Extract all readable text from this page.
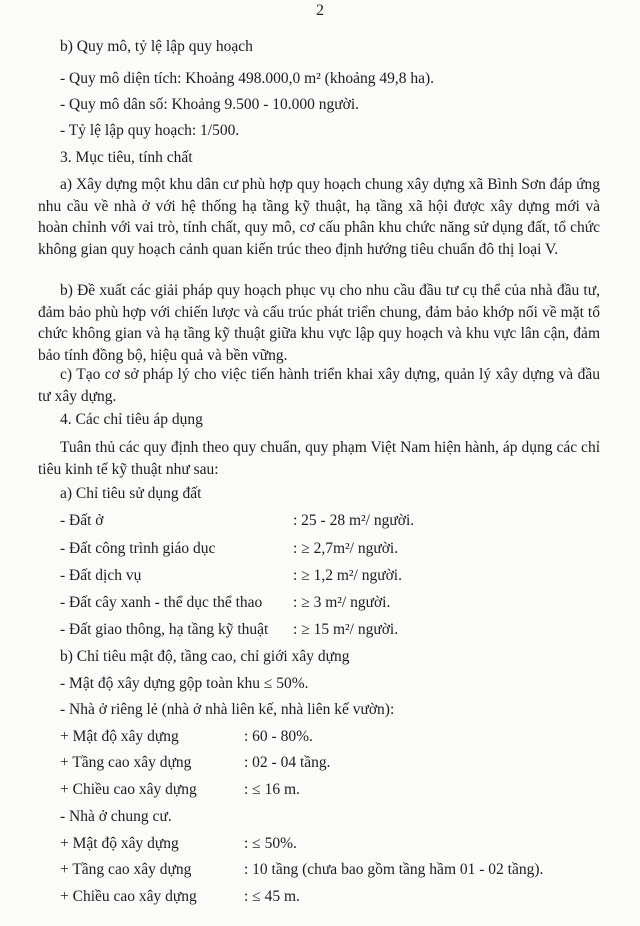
2
b) Quy mô, tỷ lệ lập quy hoạch
- Quy mô diện tích: Khoảng 498.000,0 m² (khoảng 49,8 ha).
- Quy mô dân số: Khoảng 9.500 - 10.000 người.
- Tỷ lệ lập quy hoạch: 1/500.
3. Mục tiêu, tính chất
a) Xây dựng một khu dân cư phù hợp quy hoạch chung xây dựng xã Bình Sơn đáp ứng nhu cầu về nhà ở với hệ thống hạ tầng kỹ thuật, hạ tầng xã hội được xây dựng mới và hoàn chỉnh với vai trò, tính chất, quy mô, cơ cấu phân khu chức năng sử dụng đất, tổ chức không gian quy hoạch cảnh quan kiến trúc theo định hướng tiêu chuẩn đô thị loại V.
b) Đề xuất các giải pháp quy hoạch phục vụ cho nhu cầu đầu tư cụ thể của nhà đầu tư, đảm bảo phù hợp với chiến lược và cấu trúc phát triển chung, đảm bảo khớp nối về mặt tổ chức không gian và hạ tầng kỹ thuật giữa khu vực lập quy hoạch và khu vực lân cận, đảm bảo tính đồng bộ, hiệu quả và bền vững.
c) Tạo cơ sở pháp lý cho việc tiến hành triển khai xây dựng, quản lý xây dựng và đầu tư xây dựng.
4. Các chỉ tiêu áp dụng
Tuân thủ các quy định theo quy chuẩn, quy phạm Việt Nam hiện hành, áp dụng các chỉ tiêu kinh tế kỹ thuật như sau:
a) Chỉ tiêu sử dụng đất
- Đất ở	: 25 - 28 m²/ người.
- Đất công trình giáo dục	: ≥ 2,7m²/ người.
- Đất dịch vụ	: ≥ 1,2 m²/ người.
- Đất cây xanh - thể dục thể thao : ≥ 3 m²/ người.
- Đất giao thông, hạ tầng kỹ thuật : ≥ 15 m²/ người.
b) Chỉ tiêu mật độ, tầng cao, chỉ giới xây dựng
- Mật độ xây dựng gộp toàn khu ≤ 50%.
- Nhà ở riêng lẻ (nhà ở nhà liên kế, nhà liên kế vườn):
+ Mật độ xây dựng	: 60 - 80%.
+ Tầng cao xây dựng	: 02 - 04 tầng.
+ Chiều cao xây dựng	: ≤ 16 m.
- Nhà ở chung cư.
+ Mật độ xây dựng	: ≤ 50%.
+ Tầng cao xây dựng	: 10 tầng (chưa bao gồm tầng hầm 01 - 02 tầng).
+ Chiều cao xây dựng	: ≤ 45 m.
